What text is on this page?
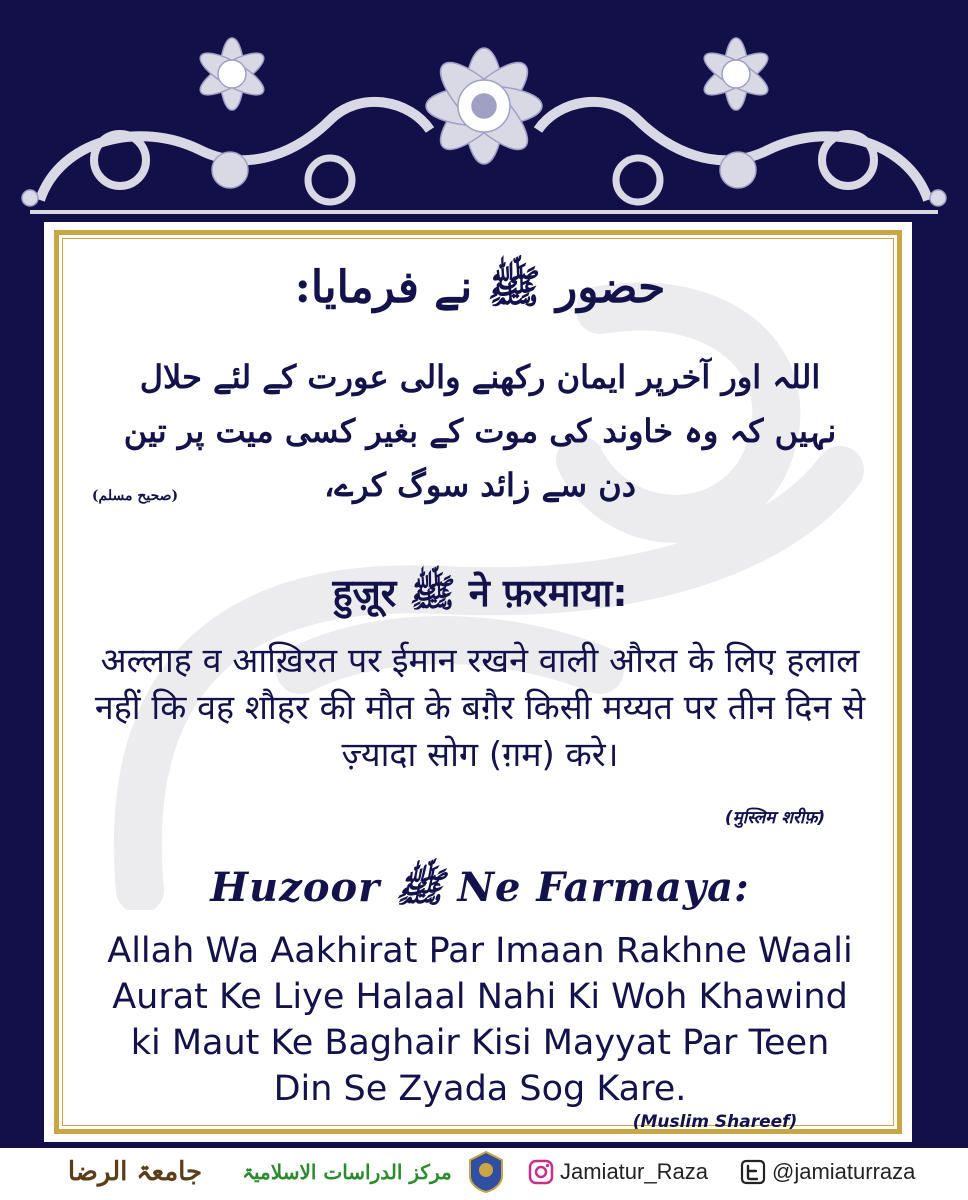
حضور ﷺ نے فرمایا:
اللہ اور آخرپر ایمان رکھنے والی عورت کے لئے حلال نہیں کہ وہ خاوند کی موت کے بغیر کسی میت پر تین دن سے زائد سوگ کرے،
(صحیح مسلم)
हुज़ूर ﷺ ने फ़रमाया:
अल्लाह व आख़िरत पर ईमान रखने वाली औरत के लिए हलाल नहीं कि वह शौहर की मौत के बग़ैर किसी मय्यत पर तीन दिन से ज़्यादा सोग (ग़म) करे।
(मुस्लिम शरीफ़)
Huzoor ﷺ Ne Farmaya:
Allah Wa Aakhirat Par Imaan Rakhne Waali Aurat Ke Liye Halaal Nahi Ki Woh Khawind ki Maut Ke Baghair Kisi Mayyat Par Teen Din Se Zyada Sog Kare.
(Muslim Shareef)
جامعۃ الرضا	مرکز الدراسات الاسلامیۃ	Jamiatur_Raza	@jamiaturraza
